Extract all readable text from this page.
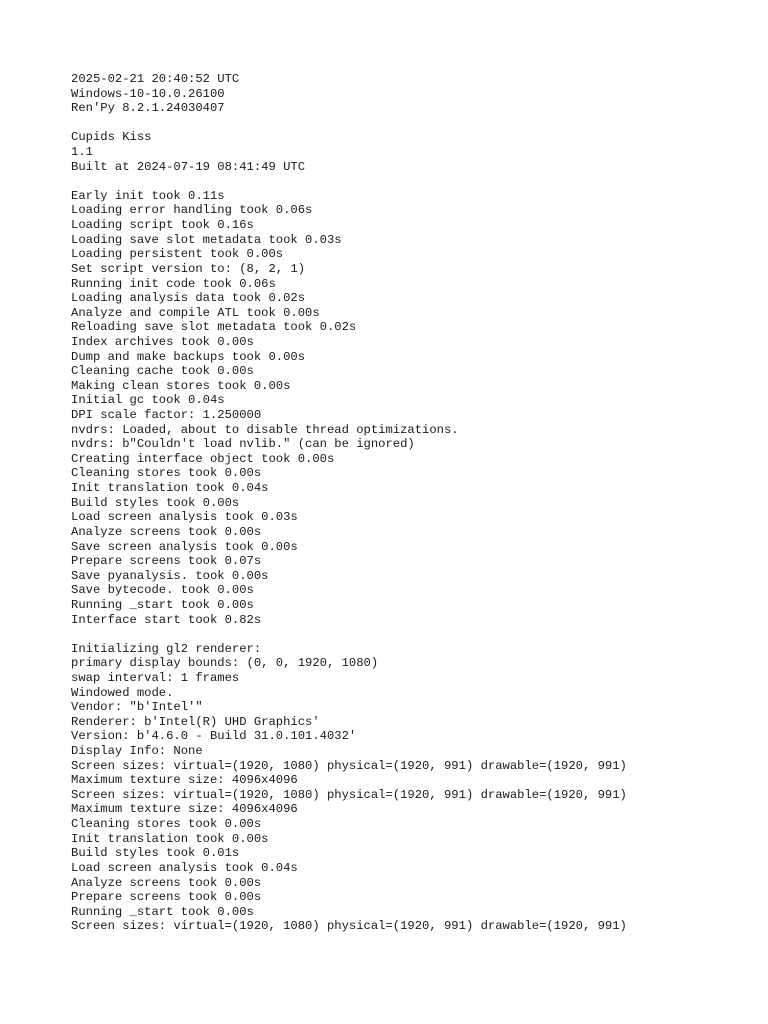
2025-02-21 20:40:52 UTC
Windows-10-10.0.26100
Ren'Py 8.2.1.24030407
Cupids Kiss
1.1
Built at 2024-07-19 08:41:49 UTC
Early init took 0.11s
Loading error handling took 0.06s
Loading script took 0.16s
Loading save slot metadata took 0.03s
Loading persistent took 0.00s
Set script version to: (8, 2, 1)
Running init code took 0.06s
Loading analysis data took 0.02s
Analyze and compile ATL took 0.00s
Reloading save slot metadata took 0.02s
Index archives took 0.00s
Dump and make backups took 0.00s
Cleaning cache took 0.00s
Making clean stores took 0.00s
Initial gc took 0.04s
DPI scale factor: 1.250000
nvdrs: Loaded, about to disable thread optimizations.
nvdrs: b"Couldn't load nvlib." (can be ignored)
Creating interface object took 0.00s
Cleaning stores took 0.00s
Init translation took 0.04s
Build styles took 0.00s
Load screen analysis took 0.03s
Analyze screens took 0.00s
Save screen analysis took 0.00s
Prepare screens took 0.07s
Save pyanalysis. took 0.00s
Save bytecode. took 0.00s
Running _start took 0.00s
Interface start took 0.82s
Initializing gl2 renderer:
primary display bounds: (0, 0, 1920, 1080)
swap interval: 1 frames
Windowed mode.
Vendor: "b'Intel'"
Renderer: b'Intel(R) UHD Graphics'
Version: b'4.6.0 - Build 31.0.101.4032'
Display Info: None
Screen sizes: virtual=(1920, 1080) physical=(1920, 991) drawable=(1920, 991)
Maximum texture size: 4096x4096
Screen sizes: virtual=(1920, 1080) physical=(1920, 991) drawable=(1920, 991)
Maximum texture size: 4096x4096
Cleaning stores took 0.00s
Init translation took 0.00s
Build styles took 0.01s
Load screen analysis took 0.04s
Analyze screens took 0.00s
Prepare screens took 0.00s
Running _start took 0.00s
Screen sizes: virtual=(1920, 1080) physical=(1920, 991) drawable=(1920, 991)
